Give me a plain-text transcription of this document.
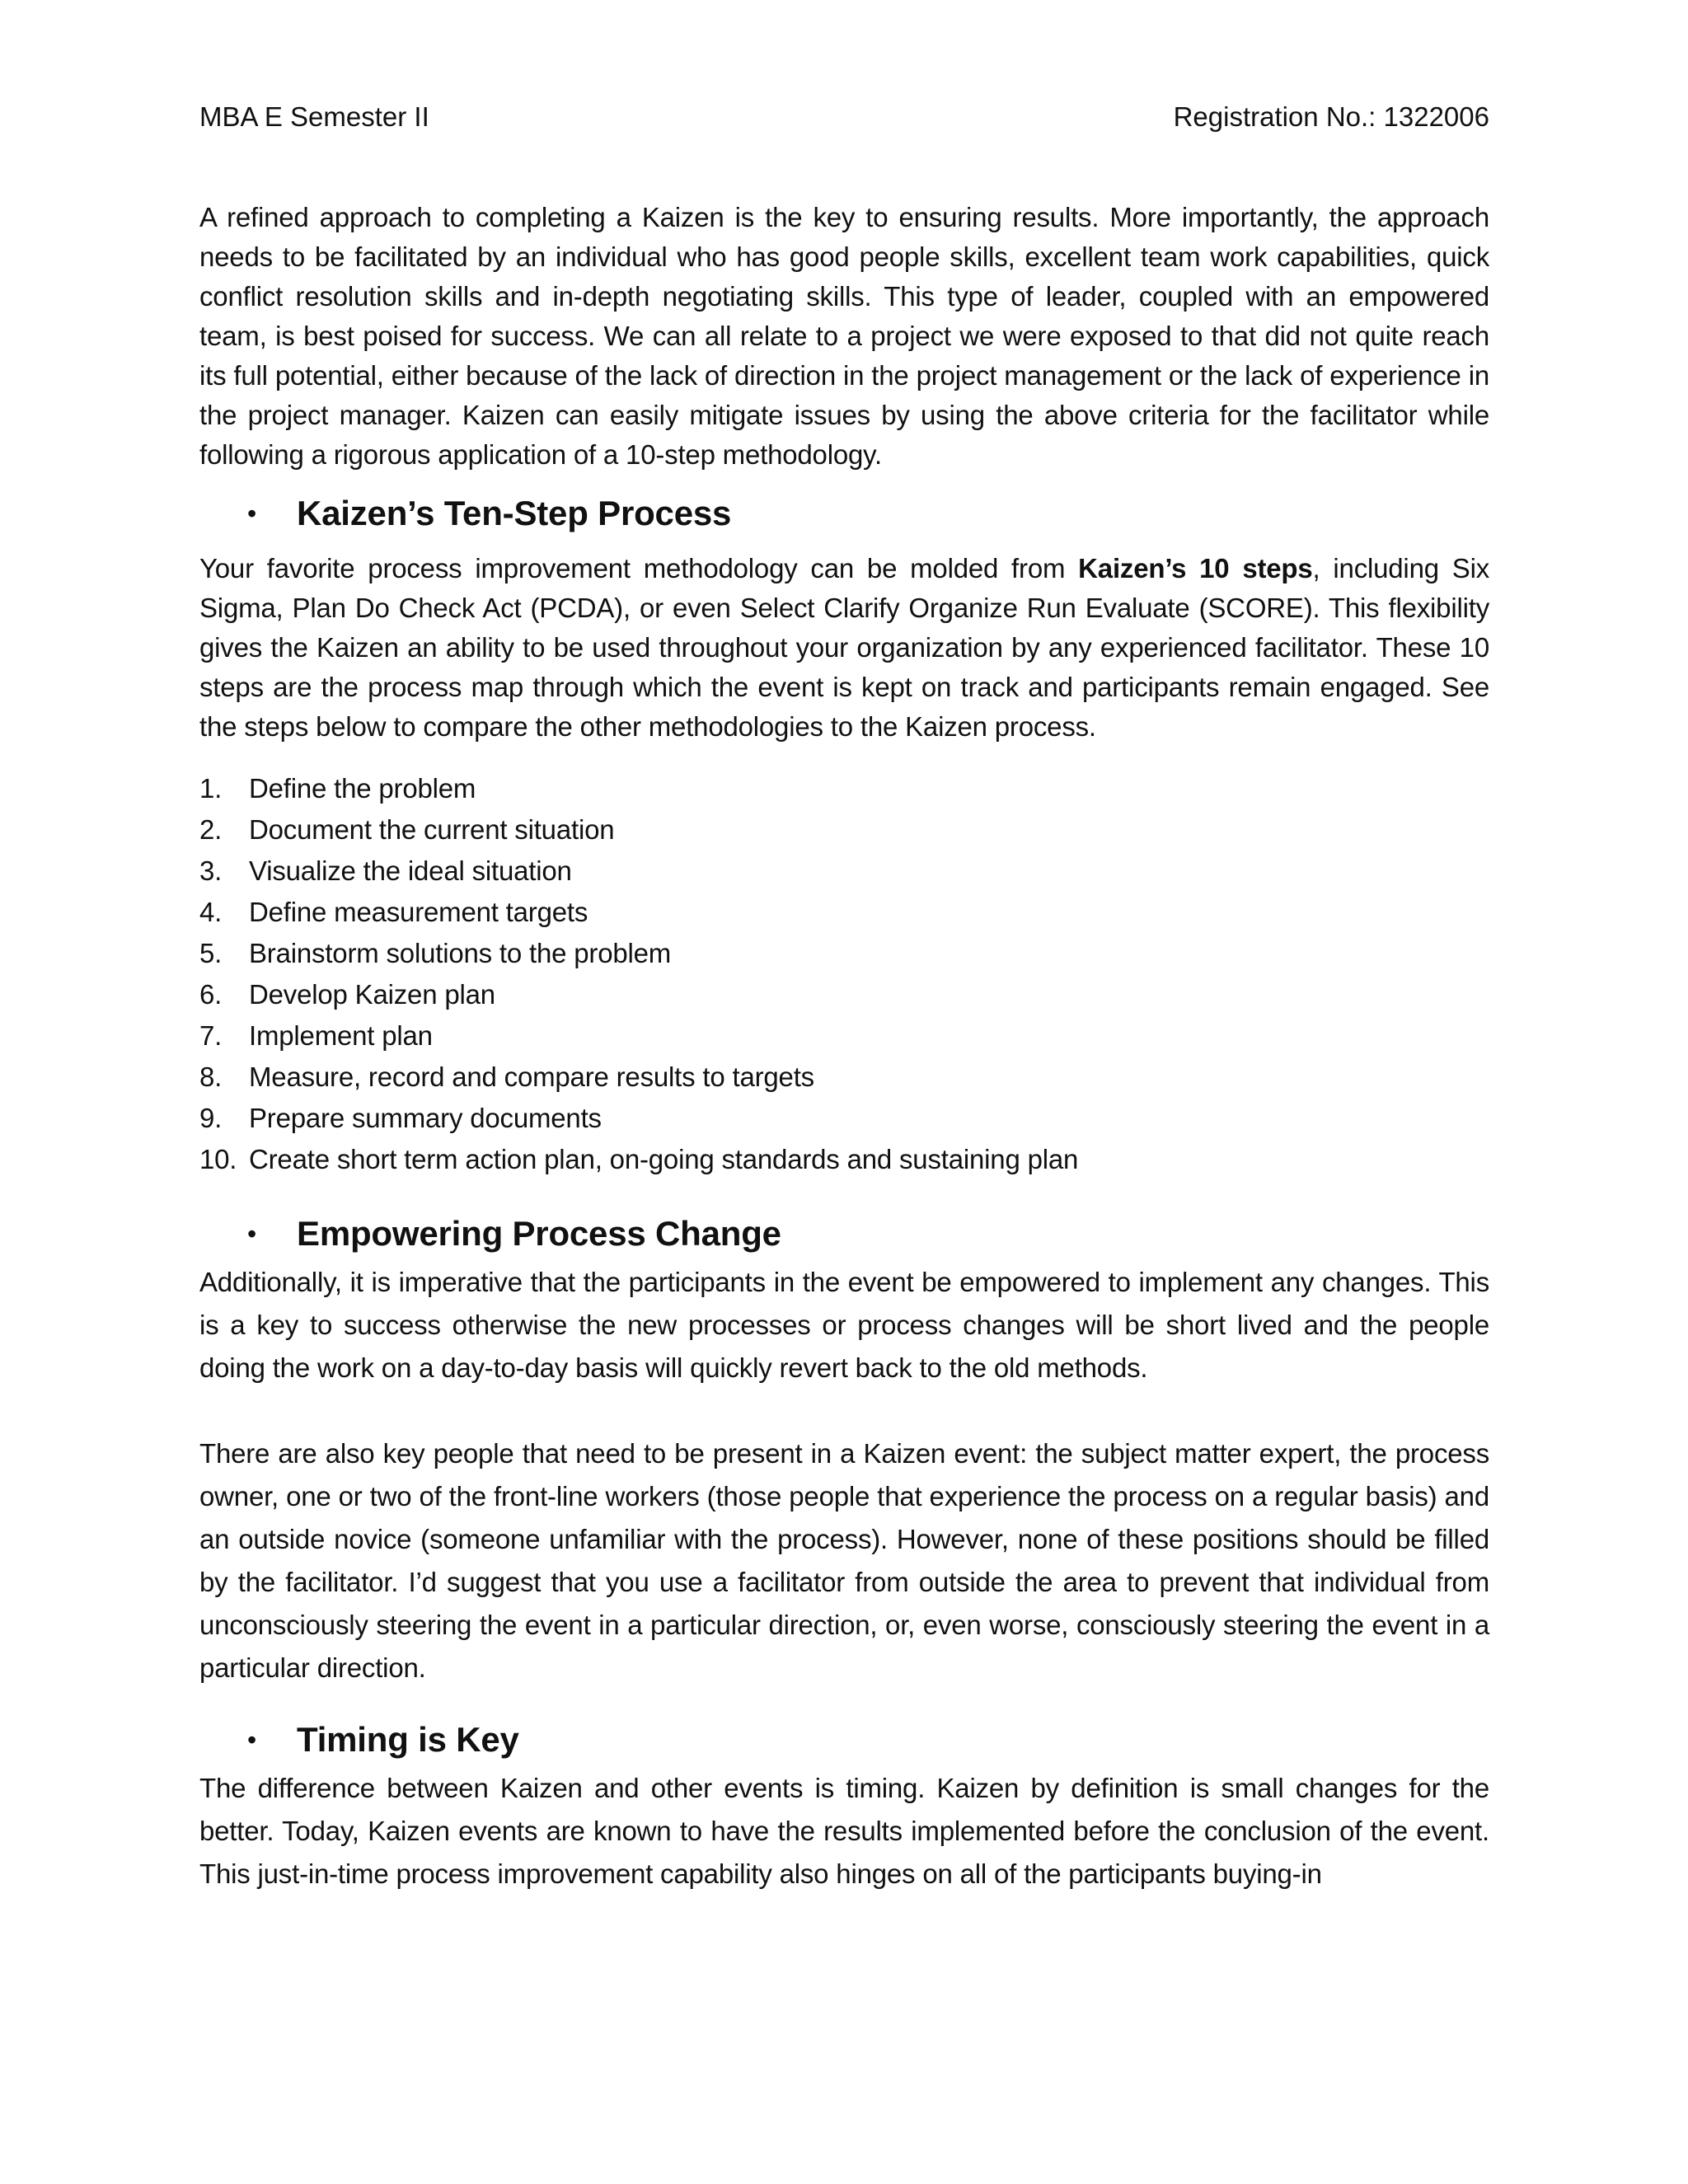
MBA E Semester II	Registration No.: 1322006

A refined approach to completing a Kaizen is the key to ensuring results. More importantly, the approach needs to be facilitated by an individual who has good people skills, excellent team work capabilities, quick conflict resolution skills and in-depth negotiating skills. This type of leader, coupled with an empowered team, is best poised for success. We can all relate to a project we were exposed to that did not quite reach its full potential, either because of the lack of direction in the project management or the lack of experience in the project manager. Kaizen can easily mitigate issues by using the above criteria for the facilitator while following a rigorous application of a 10-step methodology.

• Kaizen’s Ten-Step Process

Your favorite process improvement methodology can be molded from Kaizen’s 10 steps, including Six Sigma, Plan Do Check Act (PCDA), or even Select Clarify Organize Run Evaluate (SCORE). This flexibility gives the Kaizen an ability to be used throughout your organization by any experienced facilitator. These 10 steps are the process map through which the event is kept on track and participants remain engaged. See the steps below to compare the other methodologies to the Kaizen process.

1. Define the problem
2. Document the current situation
3. Visualize the ideal situation
4. Define measurement targets
5. Brainstorm solutions to the problem
6. Develop Kaizen plan
7. Implement plan
8. Measure, record and compare results to targets
9. Prepare summary documents
10. Create short term action plan, on-going standards and sustaining plan
• Empowering Process Change

Additionally, it is imperative that the participants in the event be empowered to implement any changes. This is a key to success otherwise the new processes or process changes will be short lived and the people doing the work on a day-to-day basis will quickly revert back to the old methods.

There are also key people that need to be present in a Kaizen event: the subject matter expert, the process owner, one or two of the front-line workers (those people that experience the process on a regular basis) and an outside novice (someone unfamiliar with the process). However, none of these positions should be filled by the facilitator. I’d suggest that you use a facilitator from outside the area to prevent that individual from unconsciously steering the event in a particular direction, or, even worse, consciously steering the event in a particular direction.

• Timing is Key

The difference between Kaizen and other events is timing. Kaizen by definition is small changes for the better. Today, Kaizen events are known to have the results implemented before the conclusion of the event. This just-in-time process improvement capability also hinges on all of the participants buying-in
